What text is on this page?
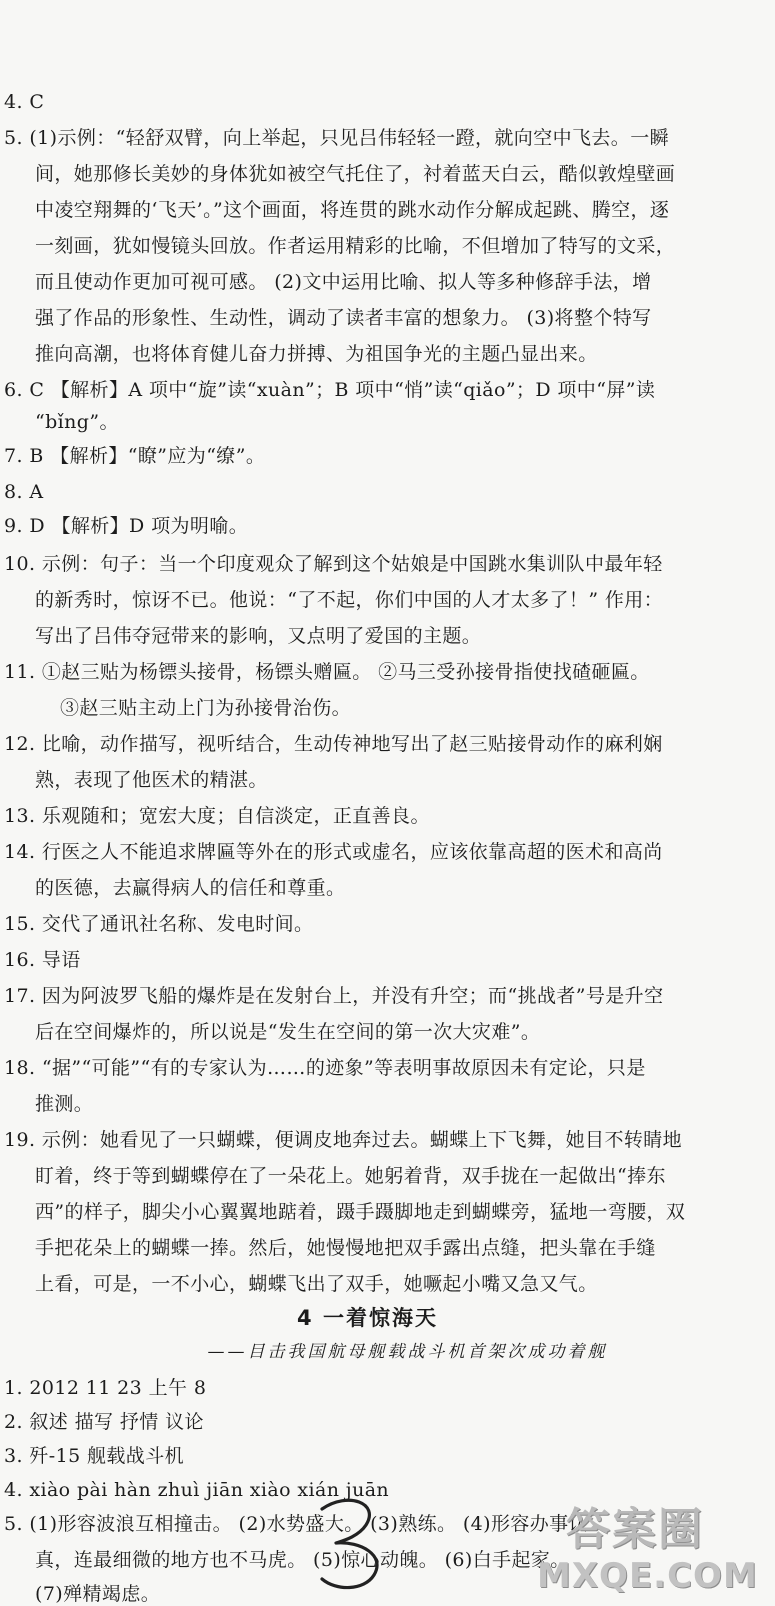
4. C
5. (1)示例：“轻舒双臂，向上举起，只见吕伟轻轻一蹬，就向空中飞去。一瞬
间，她那修长美妙的身体犹如被空气托住了，衬着蓝天白云，酷似敦煌壁画
中凌空翔舞的‘飞天’。”这个画面，将连贯的跳水动作分解成起跳、腾空，逐
一刻画，犹如慢镜头回放。作者运用精彩的比喻，不但增加了特写的文采，
而且使动作更加可视可感。 (2)文中运用比喻、拟人等多种修辞手法，增
强了作品的形象性、生动性，调动了读者丰富的想象力。 (3)将整个特写
推向高潮，也将体育健儿奋力拼搏、为祖国争光的主题凸显出来。
6. C 【解析】A 项中“旋”读“xuàn”；B 项中“悄”读“qiǎo”；D 项中“屏”读
“bǐng”。
7. B 【解析】“瞭”应为“缭”。
8. A
9. D 【解析】D 项为明喻。
10. 示例：句子：当一个印度观众了解到这个姑娘是中国跳水集训队中最年轻
的新秀时，惊讶不已。他说：“了不起，你们中国的人才太多了！” 作用：
写出了吕伟夺冠带来的影响，又点明了爱国的主题。
11. ①赵三贴为杨镖头接骨，杨镖头赠匾。 ②马三受孙接骨指使找碴砸匾。
③赵三贴主动上门为孙接骨治伤。
12. 比喻，动作描写，视听结合，生动传神地写出了赵三贴接骨动作的麻利娴
熟，表现了他医术的精湛。
13. 乐观随和；宽宏大度；自信淡定，正直善良。
14. 行医之人不能追求牌匾等外在的形式或虚名，应该依靠高超的医术和高尚
的医德，去赢得病人的信任和尊重。
15. 交代了通讯社名称、发电时间。
16. 导语
17. 因为阿波罗飞船的爆炸是在发射台上，并没有升空；而“挑战者”号是升空
后在空间爆炸的，所以说是“发生在空间的第一次大灾难”。
18. “据”“可能”“有的专家认为……的迹象”等表明事故原因未有定论，只是
推测。
19. 示例：她看见了一只蝴蝶，便调皮地奔过去。蝴蝶上下飞舞，她目不转睛地
盯着，终于等到蝴蝶停在了一朵花上。她躬着背，双手拢在一起做出“捧东
西”的样子，脚尖小心翼翼地踮着，蹑手蹑脚地走到蝴蝶旁，猛地一弯腰，双
手把花朵上的蝴蝶一捧。然后，她慢慢地把双手露出点缝，把头靠在手缝
上看，可是，一不小心，蝴蝶飞出了双手，她噘起小嘴又急又气。
4 一着惊海天
——目击我国航母舰载战斗机首架次成功着舰
1. 2012 11 23 上午 8
2. 叙述 描写 抒情 议论
3. 歼-15 舰载战斗机
4. xiào pài hàn zhuì jiān xiào xián juān
5. (1)形容波浪互相撞击。 (2)水势盛大。 (3)熟练。 (4)形容办事认
真，连最细微的地方也不马虎。 (5)惊心动魄。 (6)白手起家。
(7)殚精竭虑。
答案圈
MXQE.COM
